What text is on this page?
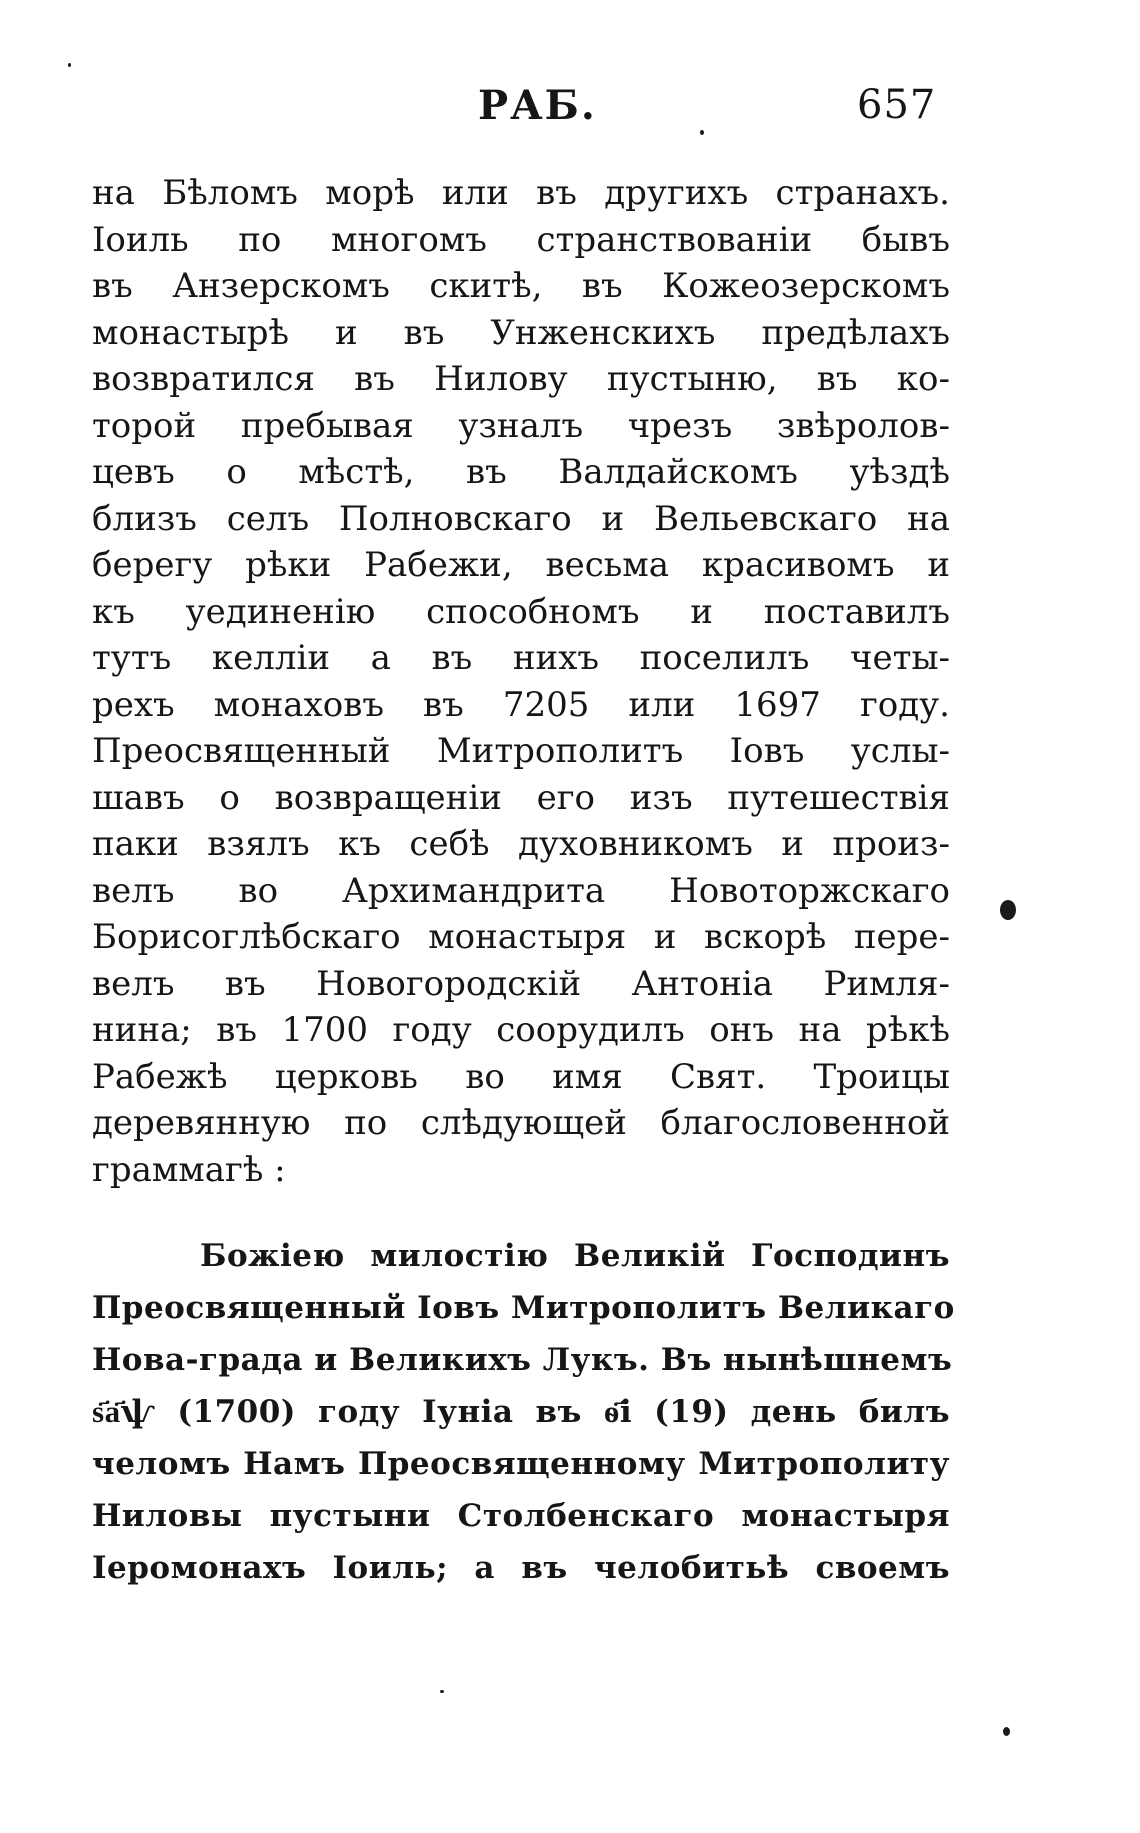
РАБ.	657
на Бѣломъ морѣ или въ другихъ странахъ.
Іоиль по многомъ странствованіи бывъ
въ Анзерскомъ скитѣ, въ Кожеозерскомъ
монастырѣ и въ Унженскихъ предѣлахъ
возвратился въ Нилову пустыню, въ ко-
торой пребывая узналъ чрезъ звѣролов-
цевъ о мѣстѣ, въ Валдайскомъ уѣздѣ
близъ селъ Полновскаго и Вельевскаго на
берегу рѣки Рабежи, весьма красивомъ и
къ уединенію способномъ и поставилъ
тутъ келліи а въ нихъ поселилъ четы-
рехъ монаховъ въ 7205 или 1697 году.
Преосвященный Митрополитъ Іовъ услы-
шавъ о возвращеніи его изъ путешествія
паки взялъ къ себѣ духовникомъ и произ-
велъ во Архимандрита Новоторжскаго
Борисоглѣбскаго монастыря и вскорѣ пере-
велъ въ Новогородскій Антоніа Римля-
нина; въ 1700 году соорудилъ онъ на рѣкѣ
Рабежѣ церковь во имя Свят. Троицы
деревянную по слѣдующей благословенной
граммагѣ :
Божіею милостію Великій Господинъ
Преосвященный Іовъ Митрополитъ Великаго
Нова-града и Великихъ Лукъ. Въ нынѣшнемъ
ѕ҃а҃ѱ (1700) году Іуніа въ ѳ҃і (19) день билъ
челомъ Намъ Преосвященному Митрополиту
Ниловы пустыни Столбенскаго монастыря
Іеромонахъ Іоиль; а въ челобитьѣ своемъ
